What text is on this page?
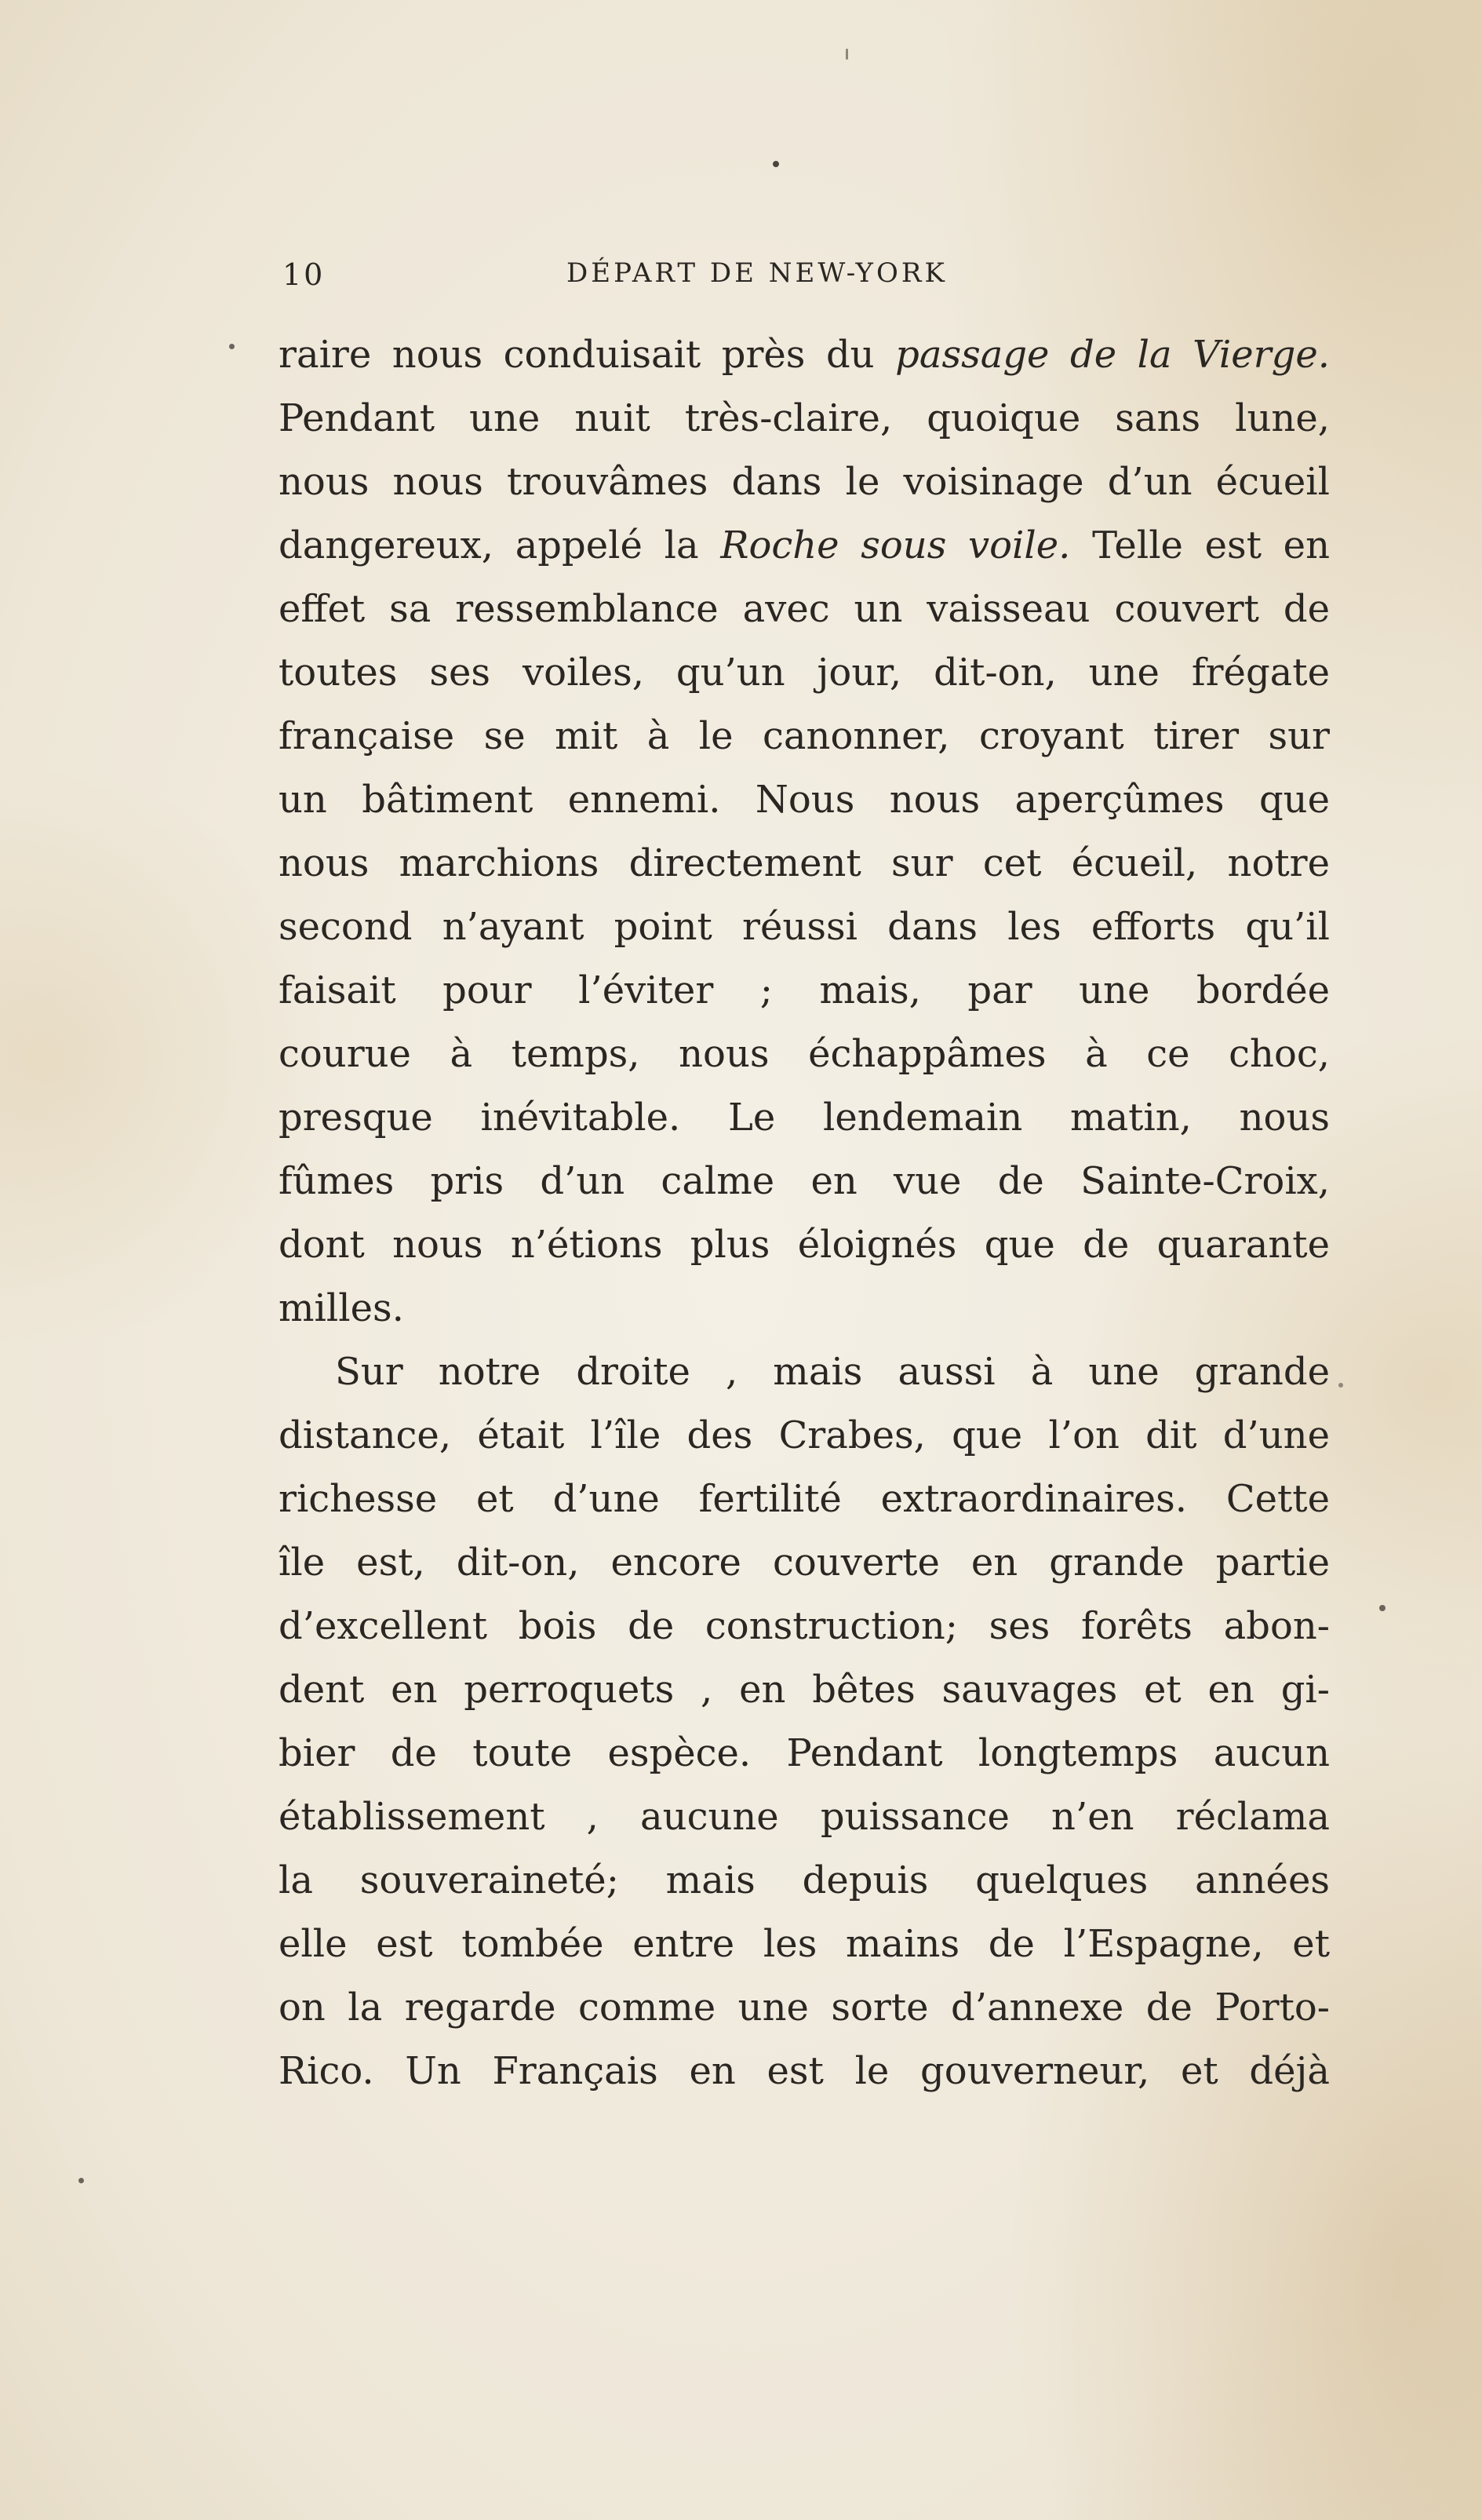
10	DÉPART DE NEW-YORK
raire nous conduisait près du passage de la Vierge.
Pendant une nuit très-claire, quoique sans lune,
nous nous trouvâmes dans le voisinage d’un écueil
dangereux, appelé la Roche sous voile. Telle est en
effet sa ressemblance avec un vaisseau couvert de
toutes ses voiles, qu’un jour, dit-on, une frégate
française se mit à le canonner, croyant tirer sur
un bâtiment ennemi. Nous nous aperçûmes que
nous marchions directement sur cet écueil, notre
second n’ayant point réussi dans les efforts qu’il
faisait pour l’éviter ; mais, par une bordée
courue à temps, nous échappâmes à ce choc,
presque inévitable. Le lendemain matin, nous
fûmes pris d’un calme en vue de Sainte-Croix,
dont nous n’étions plus éloignés que de quarante
milles.
Sur notre droite , mais aussi à une grande
distance, était l’île des Crabes, que l’on dit d’une
richesse et d’une fertilité extraordinaires. Cette
île est, dit-on, encore couverte en grande partie
d’excellent bois de construction; ses forêts abon-
dent en perroquets , en bêtes sauvages et en gi-
bier de toute espèce. Pendant longtemps aucun
établissement , aucune puissance n’en réclama
la souveraineté; mais depuis quelques années
elle est tombée entre les mains de l’Espagne, et
on la regarde comme une sorte d’annexe de Porto-
Rico. Un Français en est le gouverneur, et déjà
